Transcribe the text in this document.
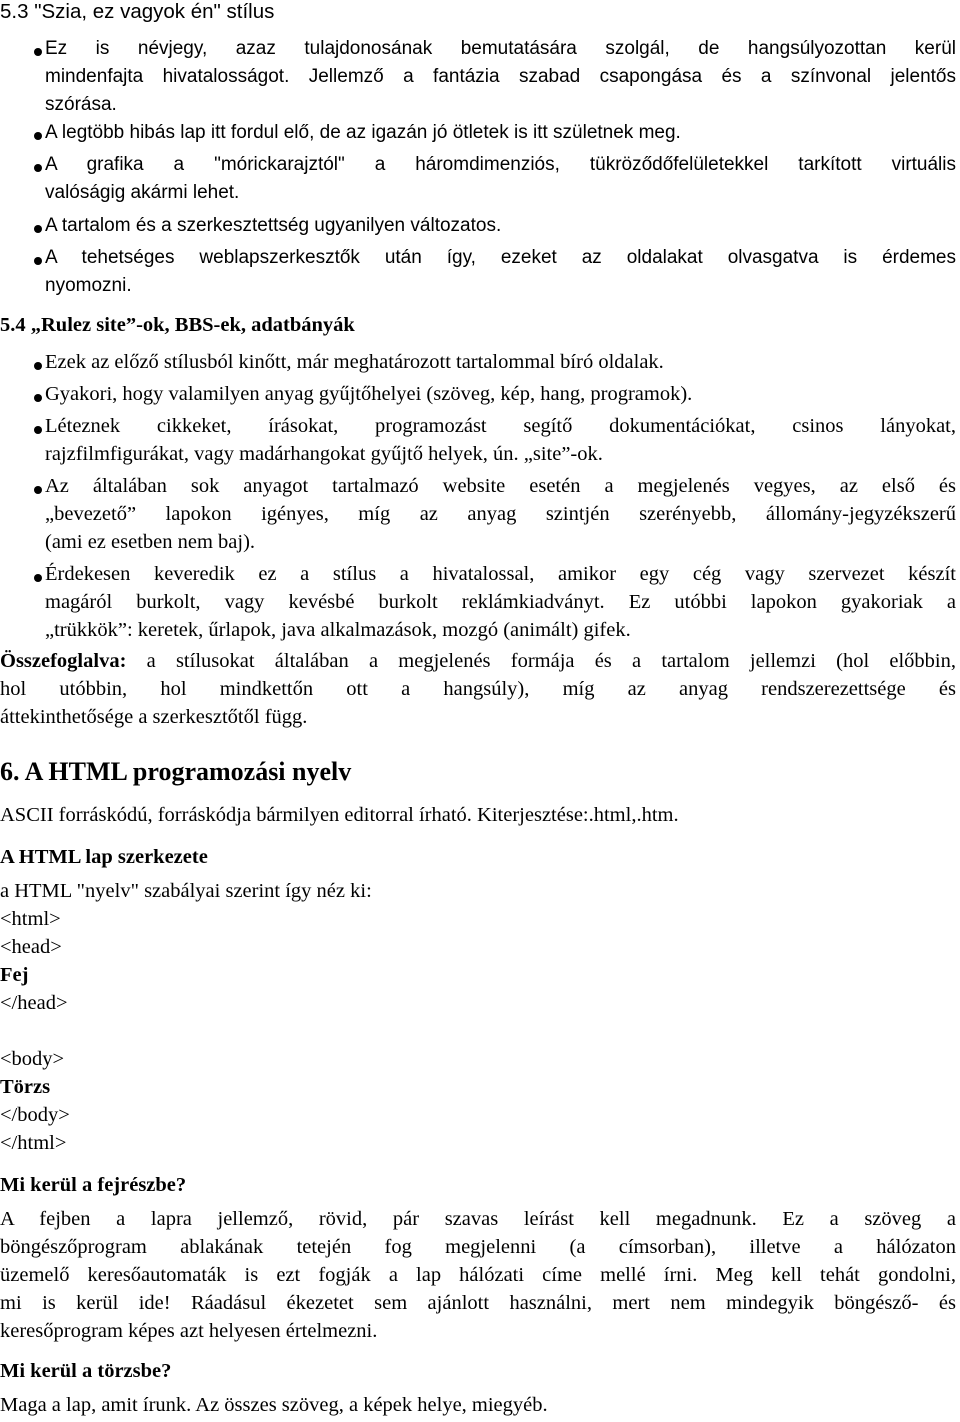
5.3 "Szia, ez vagyok én" stílus
Ez is névjegy, azaz tulajdonosának bemutatására szolgál, de hangsúlyozottan kerül
mindenfajta hivatalosságot. Jellemző a fantázia szabad csapongása és a színvonal jelentős
szórása.
A legtöbb hibás lap itt fordul elő, de az igazán jó ötletek is itt születnek meg.
A grafika a "mórickarajztól" a háromdimenziós, tükröződőfelületekkel tarkított virtuális
valóságig akármi lehet.
A tartalom és a szerkesztettség ugyanilyen változatos.
A tehetséges weblapszerkesztők után így, ezeket az oldalakat olvasgatva is érdemes
nyomozni.
5.4 „Rulez site”-ok, BBS-ek, adatbányák
Ezek az előző stílusból kinőtt, már meghatározott tartalommal bíró oldalak.
Gyakori, hogy valamilyen anyag gyűjtőhelyei (szöveg, kép, hang, programok).
Léteznek cikkeket, írásokat, programozást segítő dokumentációkat, csinos lányokat,
rajzfilmfigurákat, vagy madárhangokat gyűjtő helyek, ún. „site”-ok.
Az általában sok anyagot tartalmazó website esetén a megjelenés vegyes, az első és
„bevezető” lapokon igényes, míg az anyag szintjén szerényebb, állomány-jegyzékszerű
(ami ez esetben nem baj).
Érdekesen keveredik ez a stílus a hivatalossal, amikor egy cég vagy szervezet készít
magáról burkolt, vagy kevésbé burkolt reklámkiadványt. Ez utóbbi lapokon gyakoriak a
„trükkök”: keretek, űrlapok, java alkalmazások, mozgó (animált) gifek.
Összefoglalva: a stílusokat általában a megjelenés formája és a tartalom jellemzi (hol előbbin,
hol utóbbin, hol mindkettőn ott a hangsúly), míg az anyag rendszerezettsége és
áttekinthetősége a szerkesztőtől függ.
6. A HTML programozási nyelv
ASCII forráskódú, forráskódja bármilyen editorral írható. Kiterjesztése:.html,.htm.
A HTML lap szerkezete
a HTML "nyelv" szabályai szerint így néz ki:
<html>
<head>
Fej
</head>
<body>
Törzs
</body>
</html>
Mi kerül a fejrészbe?
A fejben a lapra jellemző, rövid, pár szavas leírást kell megadnunk. Ez a szöveg a
böngészőprogram ablakának tetején fog megjelenni (a címsorban), illetve a hálózaton
üzemelő keresőautomaták is ezt fogják a lap hálózati címe mellé írni. Meg kell tehát gondolni,
mi is kerül ide! Ráadásul ékezetet sem ajánlott használni, mert nem mindegyik böngésző- és
keresőprogram képes azt helyesen értelmezni.
Mi kerül a törzsbe?
Maga a lap, amit írunk. Az összes szöveg, a képek helye, miegyéb.
